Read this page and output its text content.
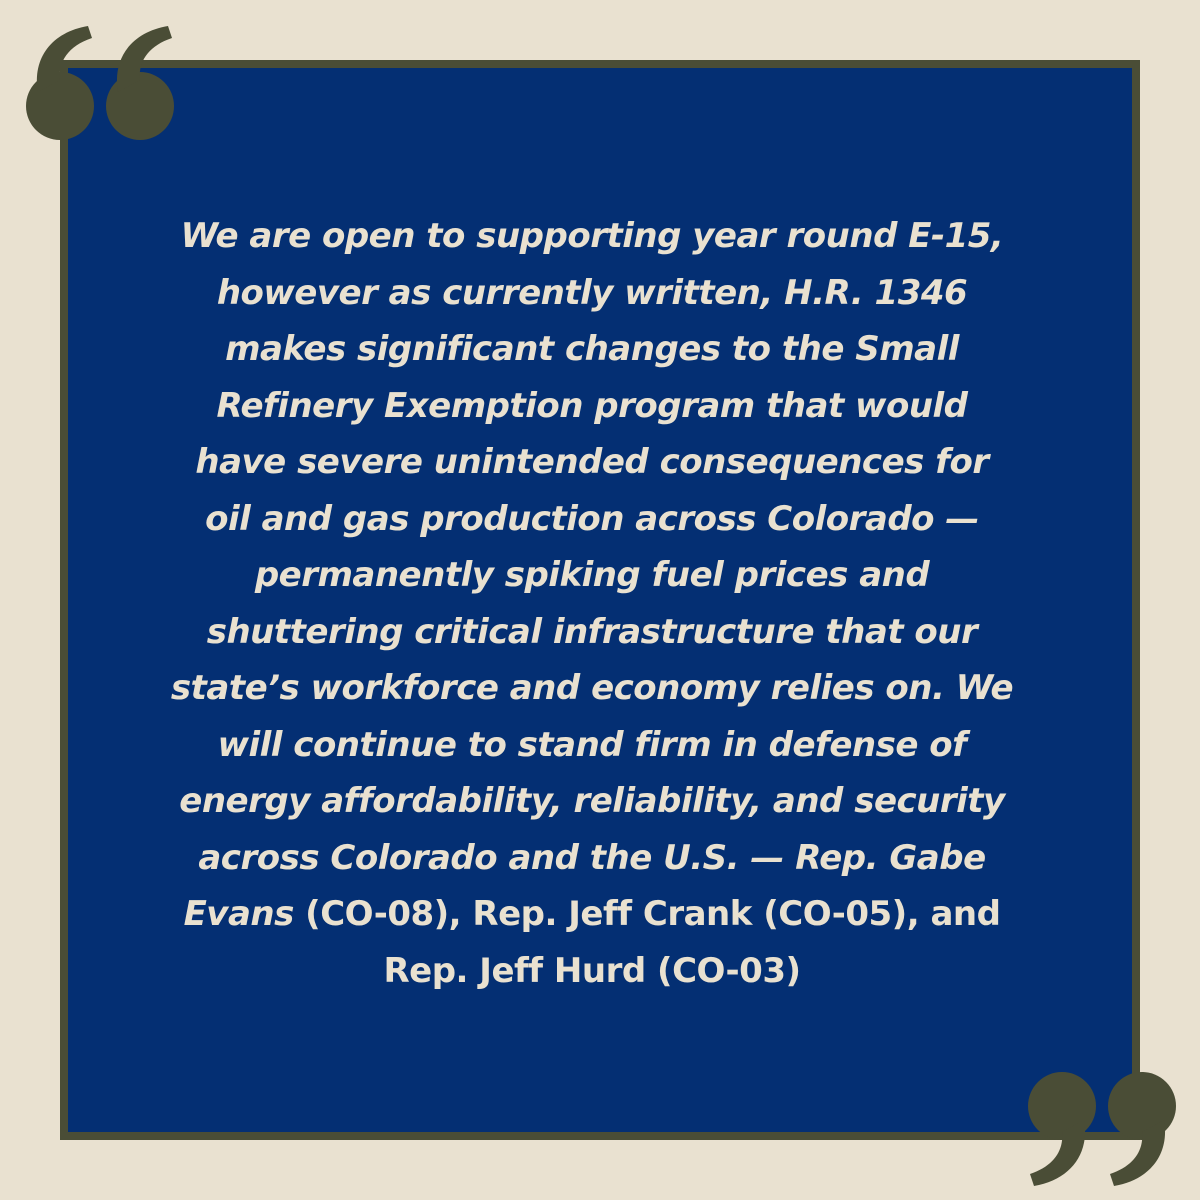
We are open to supporting year round E-15, however as currently written, H.R. 1346 makes significant changes to the Small Refinery Exemption program that would have severe unintended consequences for oil and gas production across Colorado — permanently spiking fuel prices and shuttering critical infrastructure that our state’s workforce and economy relies on. We will continue to stand firm in defense of energy affordability, reliability, and security across Colorado and the U.S. — Rep. Gabe Evans (CO-08), Rep. Jeff Crank (CO-05), and Rep. Jeff Hurd (CO-03)
